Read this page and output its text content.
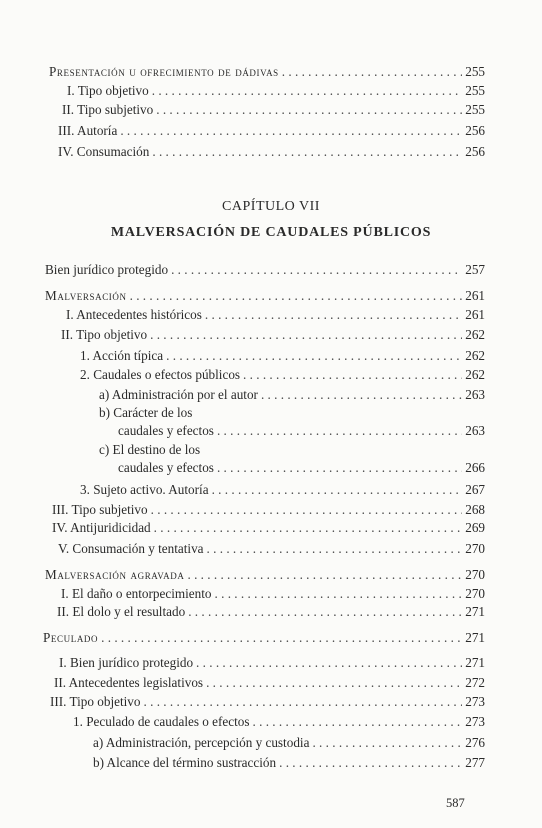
Presentación u ofrecimiento de dádivas . . .	255
I. Tipo objetivo . . .	255
II. Tipo subjetivo . . .	255
III. Autoría . . .	256
IV. Consumación . . .	256
CAPÍTULO VII
MALVERSACIÓN DE CAUDALES PÚBLICOS
Bien jurídico protegido . . .	257
Malversación . . .	261
I. Antecedentes históricos . . .	261
II. Tipo objetivo . . .	262
1. Acción típica . . .	262
2. Caudales o efectos públicos . . .	262
a) Administración por el autor . . .	263
b) Carácter de los
caudales y efectos . . .	263
c) El destino de los
caudales y efectos . . .	266
3. Sujeto activo. Autoría . . .	267
III. Tipo subjetivo . . .	268
IV. Antijuridicidad . . .	269
V. Consumación y tentativa . . .	270
Malversación agravada . . .	270
I. El daño o entorpecimiento . . .	270
II. El dolo y el resultado . . .	271
Peculado . . .	271
I. Bien jurídico protegido . . .	271
II. Antecedentes legislativos . . .	272
III. Tipo objetivo . . .	273
1. Peculado de caudales o efectos . . .	273
a) Administración, percepción y custodia . . .	276
b) Alcance del término sustracción . . .	277
587
